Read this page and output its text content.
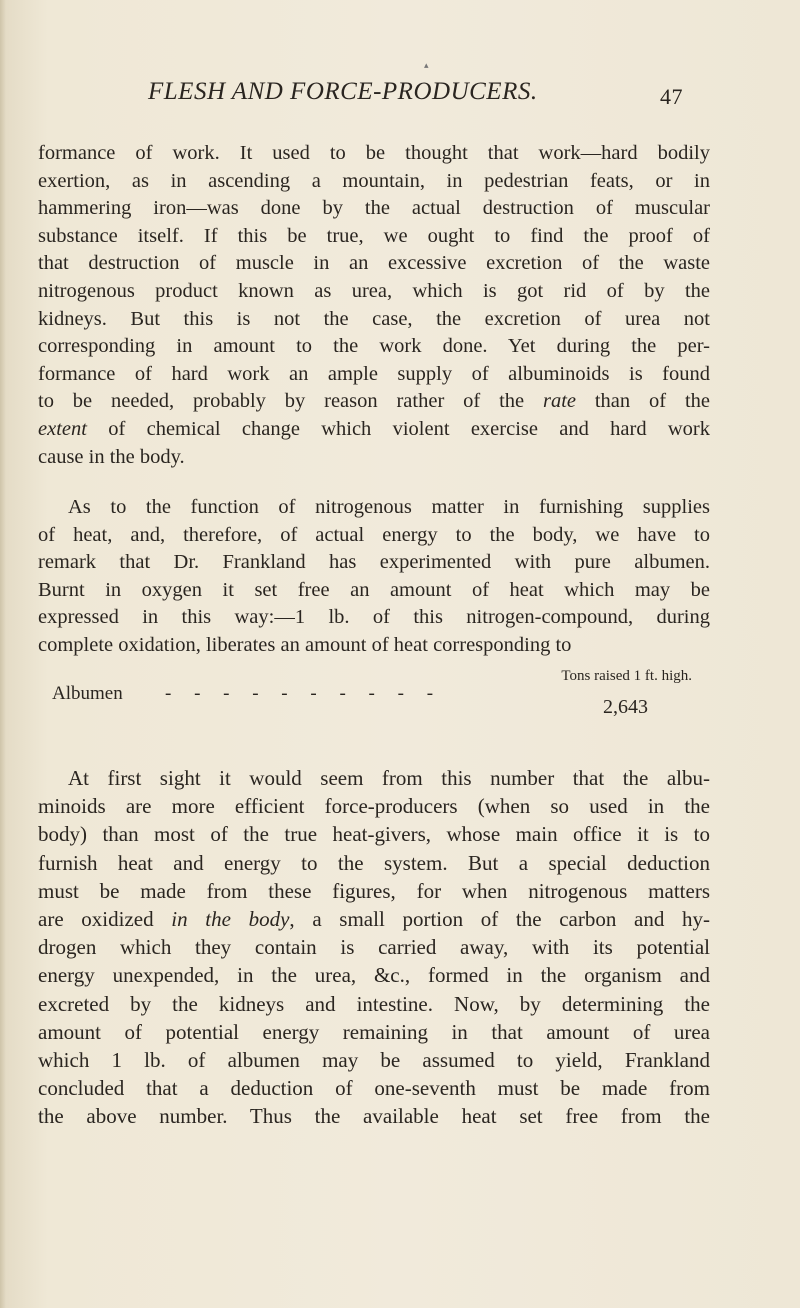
▴
FLESH AND FORCE-PRODUCERS.	47
formance of work. It used to be thought that work—hard bodily
exertion, as in ascending a mountain, in pedestrian feats, or in
hammering iron—was done by the actual destruction of muscular
substance itself. If this be true, we ought to find the proof of
that destruction of muscle in an excessive excretion of the waste
nitrogenous product known as urea, which is got rid of by the
kidneys. But this is not the case, the excretion of urea not
corresponding in amount to the work done. Yet during the per-
formance of hard work an ample supply of albuminoids is found
to be needed, probably by reason rather of the rate than of the
extent of chemical change which violent exercise and hard work
cause in the body.
As to the function of nitrogenous matter in furnishing supplies
of heat, and, therefore, of actual energy to the body, we have to
remark that Dr. Frankland has experimented with pure albumen.
Burnt in oxygen it set free an amount of heat which may be
expressed in this way:—1 lb. of this nitrogen-compound, during
complete oxidation, liberates an amount of heat corresponding to
Tons raised 1 ft. high.
Albumen - - - - - - - - - -
2,643
At first sight it would seem from this number that the albu-
minoids are more efficient force-producers (when so used in the
body) than most of the true heat-givers, whose main office it is to
furnish heat and energy to the system. But a special deduction
must be made from these figures, for when nitrogenous matters
are oxidized in the body, a small portion of the carbon and hy-
drogen which they contain is carried away, with its potential
energy unexpended, in the urea, &c., formed in the organism and
excreted by the kidneys and intestine. Now, by determining the
amount of potential energy remaining in that amount of urea
which 1 lb. of albumen may be assumed to yield, Frankland
concluded that a deduction of one-seventh must be made from
the above number. Thus the available heat set free from the
